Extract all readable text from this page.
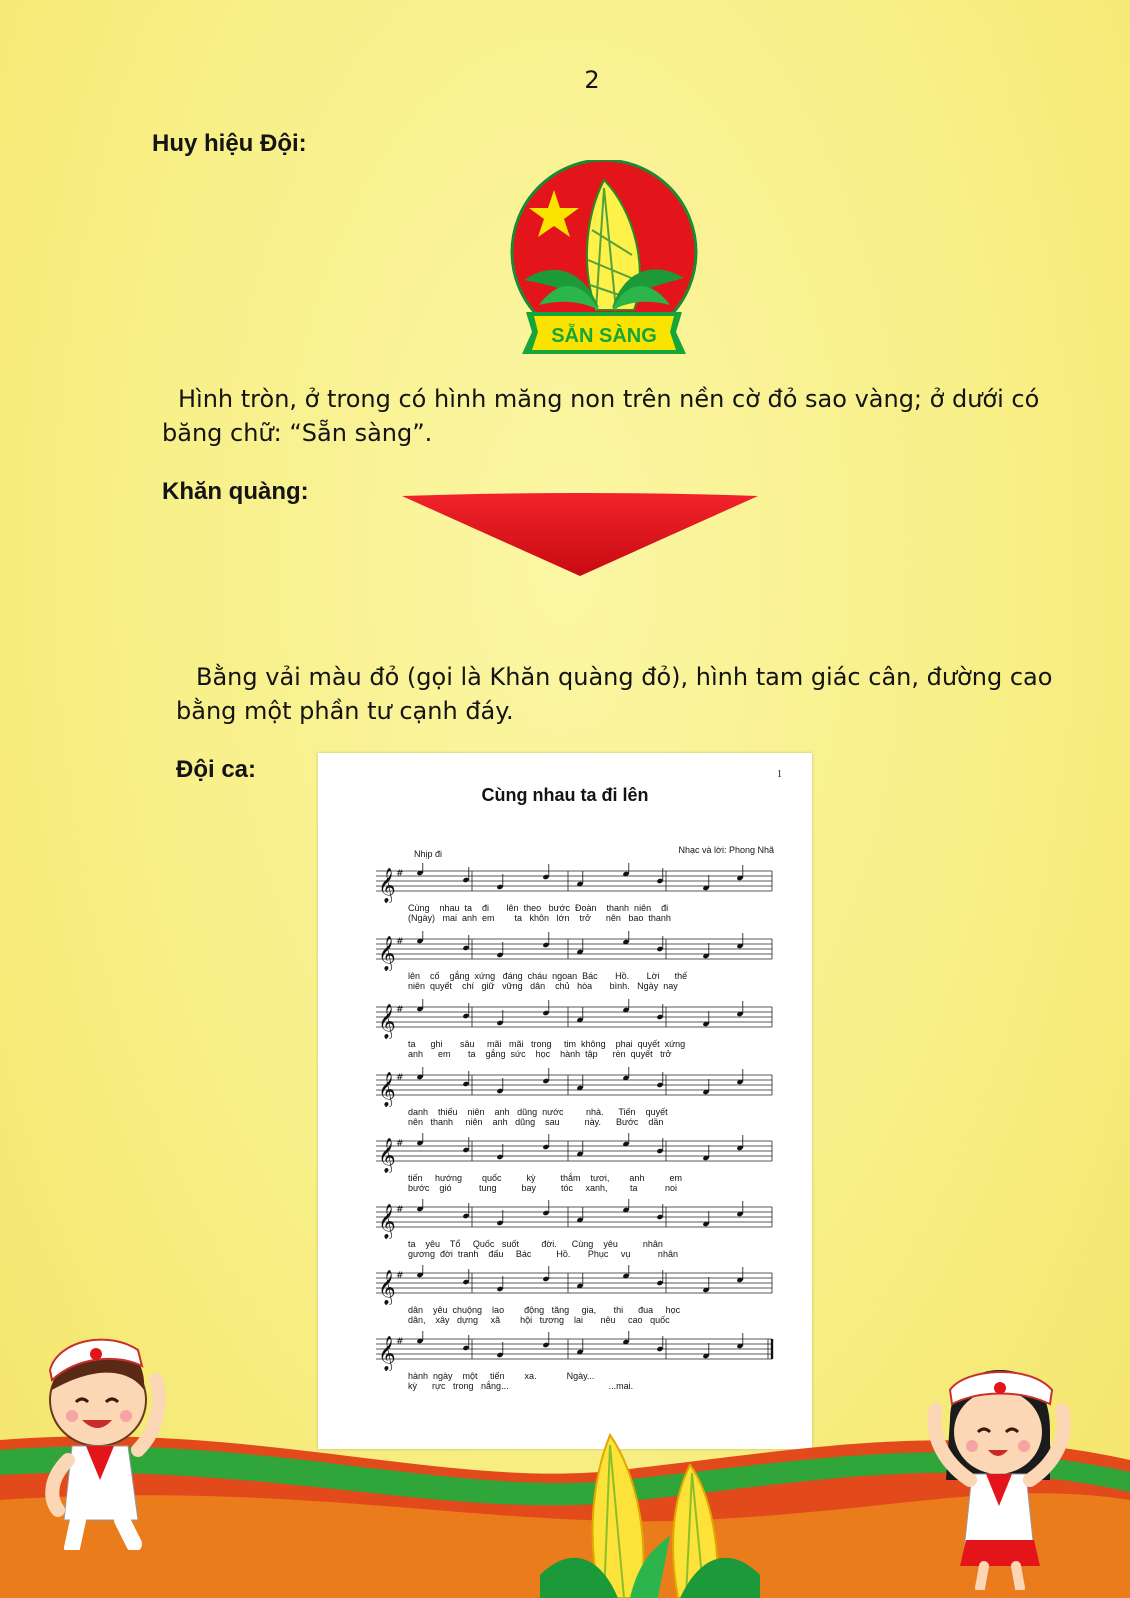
2
Huy hiệu Đội:
SẴN SÀNG
Hình tròn, ở trong có hình măng non trên nền cờ đỏ sao vàng; ở dưới có
băng chữ: “Sẵn sàng”.
Khăn quàng:
Bằng vải màu đỏ (gọi là Khăn quàng đỏ), hình tam giác cân, đường cao
bằng một phần tư cạnh đáy.
Đội ca:	1
Cùng nhau ta đi lên
Nhịp đi	Nhạc và lời: Phong Nhã
𝄞 #
Cùng    nhau  ta    đi       lên  theo   bước  Đoàn    thanh  niên    đi
(Ngày)   mai  anh  em        ta   khôn   lớn    trở      nên   bao  thanh
𝄞 #
lên    cố    gắng  xứng   đáng  cháu  ngoan  Bác       Hồ.       Lời      thế
niên  quyết    chí   giữ   vững   dân    chủ   hòa       bình.   Ngày  nay
𝄞 #
ta      ghi       sâu     mãi   mãi   trong     tim  không    phai  quyết  xứng
anh      em       ta    gắng  sức    học    hành  tập      rèn  quyết   trở
𝄞 #
danh    thiếu    niên    anh   dũng  nước         nhà.      Tiến    quyết
nên   thanh     niên    anh   dũng    sau          này.      Bước    dần
𝄞 #
tiến     hướng        quốc          kỳ          thắm    tươi,        anh          em
bước    gió           tung          bay          tóc     xanh,         ta           noi
𝄞 #
ta    yêu    Tổ     Quốc   suốt         đời.      Cùng    yêu          nhân
gương  đời  tranh    đấu     Bác          Hồ.       Phục     vụ           nhân
𝄞 #
dân    yêu  chuộng    lao        động   tăng     gia,       thi      đua     học
dân,    xây   dựng     xã        hội   tương    lai       nêu     cao   quốc
𝄞 #
hành  ngày    một     tiến        xa.            Ngày...
kỳ      rực   trong   nắng...                                        ...mai.
